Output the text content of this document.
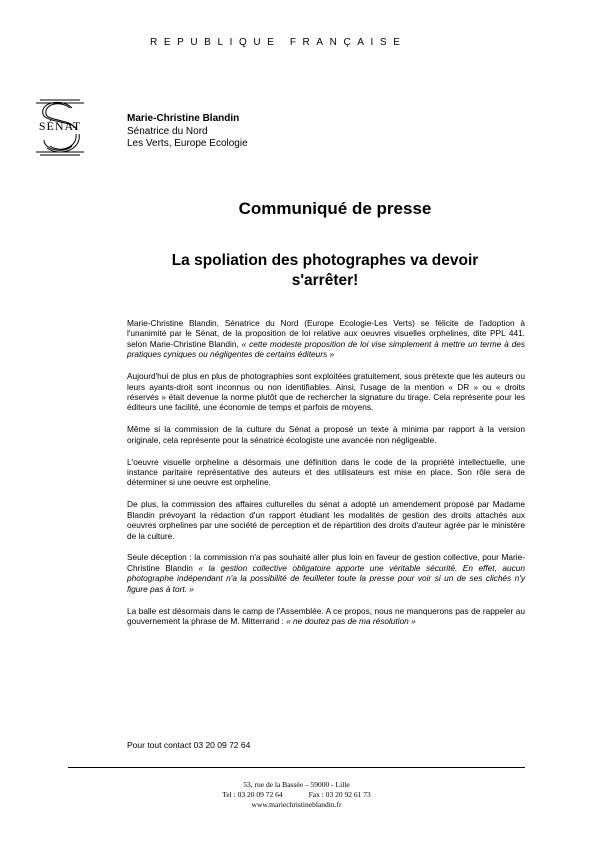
REPUBLIQUE FRANÇAISE
SÉNAT
Marie-Christine Blandin
Sénatrice du Nord
Les Verts, Europe Ecologie
Communiqué de presse
La spoliation des photographes va devoir s'arrêter!

Marie-Christine Blandin, Sénatrice du Nord (Europe Ecologie-Les Verts) se félicite de l'adoption à l'unanimité par le Sénat, de la proposition de loi relative aux oeuvres visuelles orphelines, dite PPL 441. selon Marie-Christine Blandin, « cette modeste proposition de loi vise simplement à mettre un terme à des pratiques cyniques ou négligentes de certains éditeurs »

Aujourd'hui de plus en plus de photographies sont exploitées gratuitement, sous prétexte que les auteurs ou leurs ayants-droit sont inconnus ou non identifiables. Ainsi, l'usage de la mention « DR » ou « droits réservés » était devenue la norme plutôt que de rechercher la signature du tirage. Cela représente pour les éditeurs une facilité, une économie de temps et parfois de moyens.

Même si la commission de la culture du Sénat a proposé un texte à minima par rapport à la version originale, cela représente pour la sénatrice écologiste une avancée non négligeable.

L'oeuvre visuelle orpheline a désormais une définition dans le code de la propriété intellectuelle, une instance paritaire représentative des auteurs et des utilisateurs est mise en place. Son rôle sera de déterminer si une oeuvre est orpheline.

De plus, la commission des affaires culturelles du sénat a adopté un amendement proposé par Madame Blandin prévoyant la rédaction d'un rapport étudiant les modalités de gestion des droits attachés aux oeuvres orphelines par une société de perception et de répartition des droits d'auteur agrée par le ministère de la culture.

Seule déception : la commission n'a pas souhaité aller plus loin en faveur de gestion collective, pour Marie-Christine Blandin « la gestion collective obligatoire apporte une véritable sécurité. En effet, aucun photographe indépendant n'a la possibilité de feuilleter toute la presse pour voir si un de ses clichés n'y figure pas à tort. »

La balle est désormais dans le camp de l'Assemblée. A ce propos, nous ne manquerons pas de rappeler au gouvernement la phrase de M. Mitterrand : « ne doutez pas de ma résolution »

Pour tout contact 03 20 09 72 64
53, rue de la Bassée – 59000 - Lille
Tel : 03 20 09 72 64	Fax : 03 20 92 61 73
www.mariechristineblandin.fr
